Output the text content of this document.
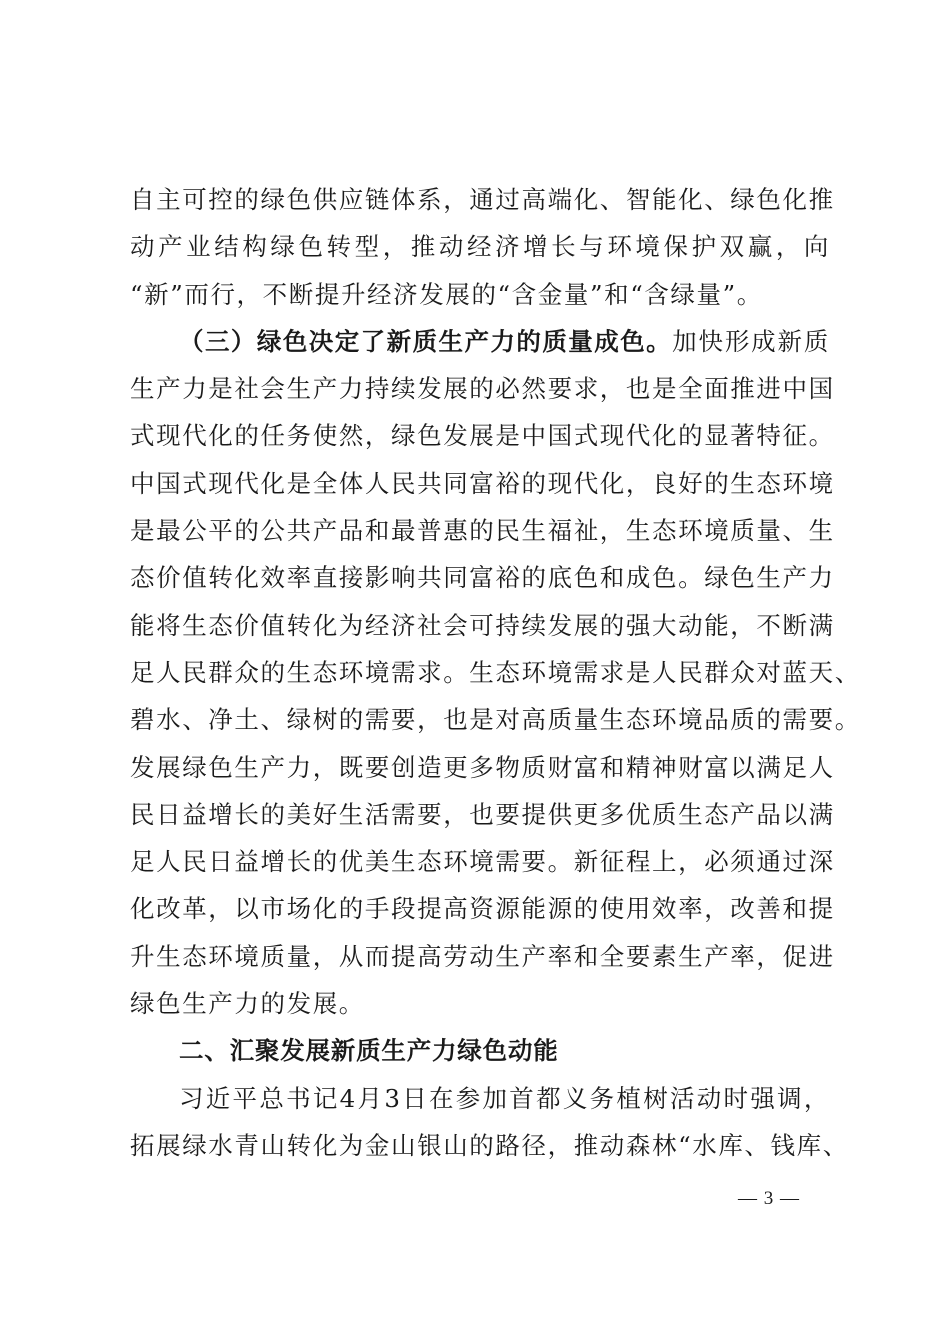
自主可控的绿色供应链体系，通过高端化、智能化、绿色化推
动产业结构绿色转型，推动经济增长与环境保护双赢，向
“新”而行，不断提升经济发展的“含金量”和“含绿量”。
（三）绿色决定了新质生产力的质量成色。加快形成新质
生产力是社会生产力持续发展的必然要求，也是全面推进中国
式现代化的任务使然，绿色发展是中国式现代化的显著特征。
中国式现代化是全体人民共同富裕的现代化，良好的生态环境
是最公平的公共产品和最普惠的民生福祉，生态环境质量、生
态价值转化效率直接影响共同富裕的底色和成色。绿色生产力
能将生态价值转化为经济社会可持续发展的强大动能，不断满
足人民群众的生态环境需求。生态环境需求是人民群众对蓝天、
碧水、净土、绿树的需要，也是对高质量生态环境品质的需要。
发展绿色生产力，既要创造更多物质财富和精神财富以满足人
民日益增长的美好生活需要，也要提供更多优质生态产品以满
足人民日益增长的优美生态环境需要。新征程上，必须通过深
化改革，以市场化的手段提高资源能源的使用效率，改善和提
升生态环境质量，从而提高劳动生产率和全要素生产率，促进
绿色生产力的发展。
二、汇聚发展新质生产力绿色动能
习近平总书记4月3日在参加首都义务植树活动时强调，
拓展绿水青山转化为金山银山的路径，推动森林“水库、钱库、
— 3 —
